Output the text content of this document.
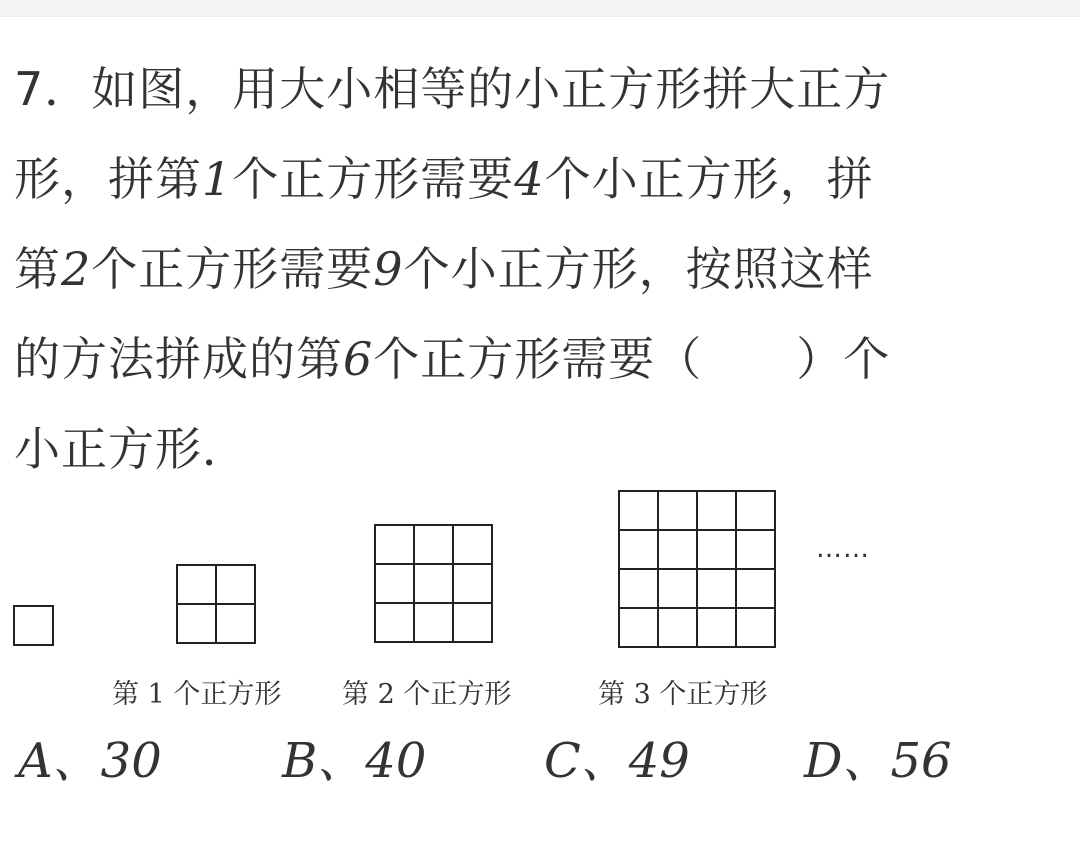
7．如图，用大小相等的小正方形拼大正方
形，拼第1个正方形需要4个小正方形，拼
第2个正方形需要9个小正方形，按照这样
的方法拼成的第6个正方形需要（　　）个
小正方形．
……
第 1 个正方形 第 2 个正方形	第 3 个正方形
A、30	B、40 C、49 D、56
